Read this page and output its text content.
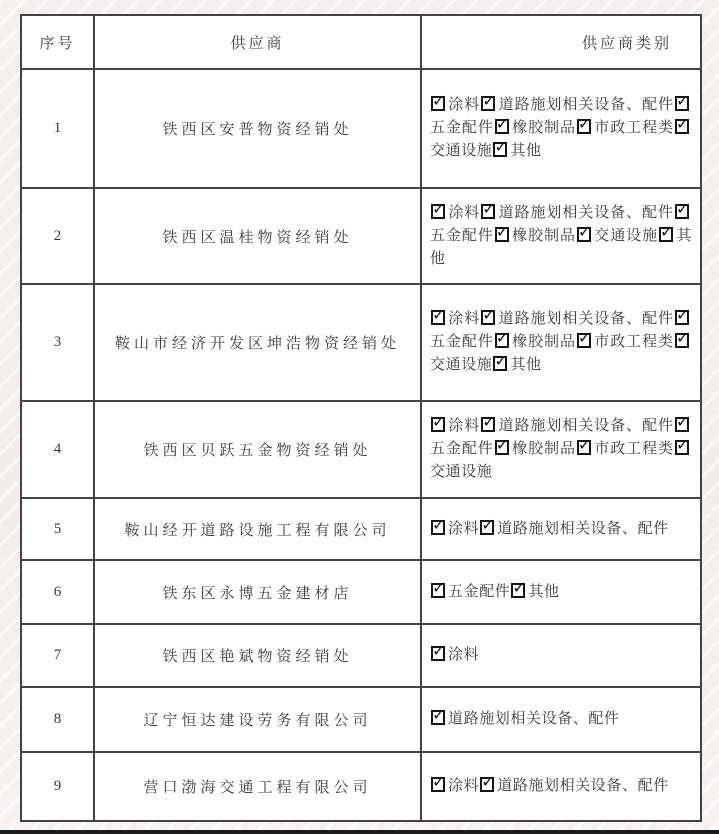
序号	供应商	供应商类别
1	铁西区安普物资经销处	✓涂料 ✓ 道路施划相关设备、配件✓五金配件 ✓ 橡胶制品 ✓ 市政工程类✓交通设施 ✓ 其他
2	铁西区温桂物资经销处	✓涂料 ✓ 道路施划相关设备、配件✓五金配件 ✓ 橡胶制品 ✓ 交通设施 ✓ 其他
3	鞍山市经济开发区坤浩物资经销处	✓涂料 ✓ 道路施划相关设备、配件✓五金配件 ✓ 橡胶制品 ✓ 市政工程类✓交通设施 ✓ 其他
4	铁西区贝跃五金物资经销处	✓涂料 ✓ 道路施划相关设备、配件✓五金配件 ✓ 橡胶制品 ✓ 市政工程类✓交通设施
5	鞍山经开道路设施工程有限公司	✓涂料 ✓ 道路施划相关设备、配件
6	铁东区永博五金建材店	✓五金配件 ✓ 其他
7	铁西区艳斌物资经销处	✓涂料
8	辽宁恒达建设劳务有限公司	✓道路施划相关设备、配件
9	营口渤海交通工程有限公司	✓涂料 ✓ 道路施划相关设备、配件
